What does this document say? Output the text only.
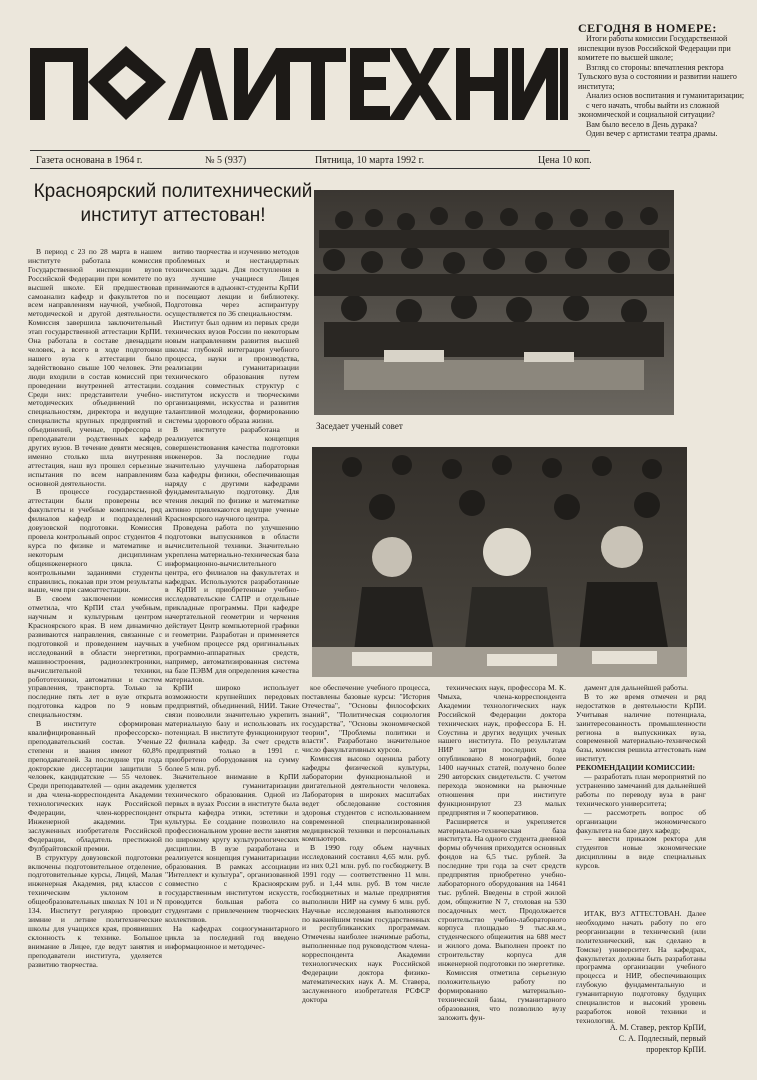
Газета основана в 1964 г.	№ 5 (937)	Пятница, 10 марта 1992 г.	Цена 10 коп.
СЕГОДНЯ В НОМЕРЕ:

Итоги работы комиссии Государственной инспекции вузов Российской Федерации при комитете по высшей школе;

Взгляд со стороны: впечатления ректора Тульского вуза о состоянии и развитии нашего института;

Анализ основ воспитания и гуманитаризации;

с чего начать, чтобы выйти из сложной экономической и социальной ситуации?

Вам было весело в День дурака?

Один вечер с артистами театра драмы.

Красноярский политехнический институт аттестован!

В период с 23 по 28 марта в нашем институте работала комиссия Государственной инспекции вузов Российской Федерации при комитете по высшей школе. Ей предшествовав самоанализ кафедр и факультетов по всем направлениям научной, учебной, методической и другой деятельности. Комиссия завершила заключительный этап государственной аттестации КрПИ. Она работала в составе двенадцати человек, а всего в ходе подготовки нашего вуза к аттестации было задействовано свыше 100 человек. Эти люди входили в состав комиссий при проведении внутренней аттестации. Среди них: представители учебно-методических объединений по специальностям, директора и ведущие специалисты крупных предприятий и объединений, ученые, профессора и преподаватели родственных кафедр других вузов. В течение девяти месяцев, именно столько шла внутренняя аттестация, наш вуз прошел серьезные испытания по всем направлениям основной деятельности.

В процессе государственной аттестации были проверены все факультеты и учебные комплексы, ряд филиалов кафедр и подразделений довузовской подготовки. Комиссия провела контрольный опрос студентов 4 курса по физике и математике и некоторым дисциплинам общеинженерного цикла. С контрольными заданиями студенты справились, показав при этом результаты выше, чем при самоаттестации.

В своем заключении комиссия отметила, что КрПИ стал учебным, научным и культурным центром Красноярского края. В нем динамично развиваются направления, связанные с подготовкой и проведением научных исследований в области энергетики, машиностроения, радиоэлектроники, вычислительной техники, робототехники, автоматики и систем управления, транспорта. Только за последние пять лет в вузе открыта подготовка кадров по 9 новым специальностям.

В институте сформирован квалифицированный профессорско-преподавательский состав. Ученые степени и звания имеют 60,8% преподавателей. За последние три года докторские диссертации защитили 5 человек, кандидатские — 55 человек. Среди преподавателей — один академик и два члена-корреспондента Академии технологических наук Российской Федерации, член-корреспондент Инженерной академии. Три заслуженных изобретателя Российской Федерации, обладатель престижной Фулбрайтовской премии.

В структуру довузовской подготовки включены подготовительное отделение, подготовительные курсы, Лицей, Малая инженерная Академия, ряд классов с техническим уклоном в общеобразовательных школах N 101 и N 134. Институт регулярно проводит зимние и летние политехнические школы для учащихся края, проявивших склонность к технике. Большое внимание в Лицее, где ведут занятия и преподаватели института, уделяется развитию творчества.

витию творчества и изучению методов проблемных и нестандартных технических задач. Для поступления в вуз лучшие учащиеся Лицея принимаются в адъюнкт-студенты КрПИ и посещают лекции и библиотеку. Подготовка через аспирантуру осуществляется по 36 специальностям.

Институт был одним из первых среди технических вузов России по некоторым новым направлениям развития высшей школы: глубокой интеграции учебного процесса, науки и производства, реализации гуманитаризации технического образования путем создания совместных структур с институтом искусств и творческими организациями, искусства и развития талантливой молодежи, формированию системы здорового образа жизни.

В институте разработана и реализуется концепция совершенствования качества подготовки инженеров. За последние годы значительно улучшена лабораторная база кафедры физики, обеспечивающая наряду с другими кафедрами фундаментальную подготовку. Для чтения лекций по физике и математике активно привлекаются ведущие ученые Красноярского научного центра.

Проведена работа по улучшению подготовки выпускников в области вычислительной техники. Значительно укреплена материально-техническая база информационно-вычислительного центра, его филиалов на факультетах и кафедрах. Используются разработанные в КрПИ и приобретенные учебно-исследовательские САПР и отдельные прикладные программы. При кафедре начертательной геометрии и черчения действует Центр компьютерной графики и геометрии. Разработан и применяется в учебном процессе ряд оригинальных программно-аппаратных средств, например, автоматизированная система на базе ПЭВМ для определения качества материалов.

КрПИ широко использует возможности крупнейших передовых предприятий, объединений, НИИ. Такие связи позволили значительно укрепить материальную базу и использовать их потенциал. В институте функционируют 22 филиала кафедр. За счет средств предприятий только в 1991 г. приобретено оборудования на сумму более 5 млн. руб.

Значительное внимание в КрПИ уделяется гуманитаризации технического образования. Одной из первых в вузах России в институте была открыта кафедра этики, эстетики и культуры. Ее создание позволило на профессиональном уровне вести занятия по широкому кругу культурологических дисциплин. В вузе разработана и реализуется концепция гуманитаризации образования. В рамках ассоциации "Интеллект и культура", организованной совместно с Красноярским государственным институтом искусств, проводится большая работа со студентами с привлечением творческих коллективов.

На кафедрах социогуманитарного цикла за последний год введено информационное и методичес-

Заседает ученый совет

кое обеспечение учебного процесса, поставлены базовые курсы: "История Отечества", "Основы философских знаний", "Политическая социология государства", "Основы экономической теории", "Проблемы политики и власти". Разработано значительное число факультативных курсов.

Комиссия высоко оценила работу кафедры физической культуры, лаборатории функциональной и двигательной деятельности человека. Лаборатория в широких масштабах ведет обследование состояния здоровья студентов с использованием современной специализированной медицинской техники и персональных компьютеров.

В 1990 году объем научных исследований составил 4,65 млн. руб. из них 0,21 млн. руб. по госбюджету. В 1991 году — соответственно 11 млн. руб. и 1,44 млн. руб. В том числе госбюджетных и малые предприятия выполнили НИР на сумму 6 млн. руб. Научные исследования выполняются по важнейшим темам государственных и республиканских программам. Отмечены наиболее значимые работы, выполненные под руководством члена-корреспондента Академии технологических наук Российской Федерации доктора физико-математических наук А. М. Ставера, заслуженного изобретателя РСФСР доктора

технических наук, профессора М. К. Чмыха, члена-корреспондента Академии технологических наук Российской Федерации доктора технических наук, профессора Б. Н. Соустина и других ведущих ученых нашего института. По результатам НИР затри последних года опубликовано 8 монографий, более 1400 научных статей, получено более 290 авторских свидетельств. С учетом перехода экономики на рыночные отношения при институте функционируют 23 малых предприятия и 7 кооперативов.

Расширяется и укрепляется материально-техническая база института. На одного студента дневной формы обучения приходится основных фондов на 6,5 тыс. рублей. За последние три года за счет средств предприятия приобретено учебно-лабораторного оборудования на 14641 тыс. рублей. Введены в строй жилой дом, общежитие N 7, столовая на 530 посадочных мест. Продолжается строительство учебно-лабораторного корпуса площадью 9 тыс.кв.м., студенческого общежития на 688 мест и жилого дома. Выполнен проект по строительству корпуса для инженерной подготовки по энергетике.

Комиссия отметила серьезную положительную работу по формированию материально-технической базы, гуманитарного образования, что позволило вузу заложить фун-

дамент для дальнейшей работы.

В то же время отмечен и ряд недостатков в деятельности КрПИ. Учитывая наличие потенциала, заинтересованность промышленности региона в выпускниках вуза, современной материально-технической базы, комиссия решила аттестовать нам институт.

РЕКОМЕНДАЦИИ КОМИССИИ:

— разработать план мероприятий по устранению замечаний для дальнейшей работы по переводу вуза в ранг технического университета;

— рассмотреть вопрос об организации экономического факультета на базе двух кафедр;

— ввести приказом ректора для студентов новые экономические дисциплины в виде специальных курсов.

ИТАК, ВУЗ АТТЕСТОВАН. Далее необходимо начать работу по его реорганизации в технический (или политехнический, как сделано в Томске) университет. На кафедрах, факультетах должны быть разработаны программа организации учебного процесса и НИР, обеспечивающих глубокую фундаментальную и гуманитарную подготовку будущих специалистов и высокий уровень разработок новой техники и технологии.

А. М. Ставер, ректор КрПИ,
С. А. Подлесный, первый
проректор КрПИ.
